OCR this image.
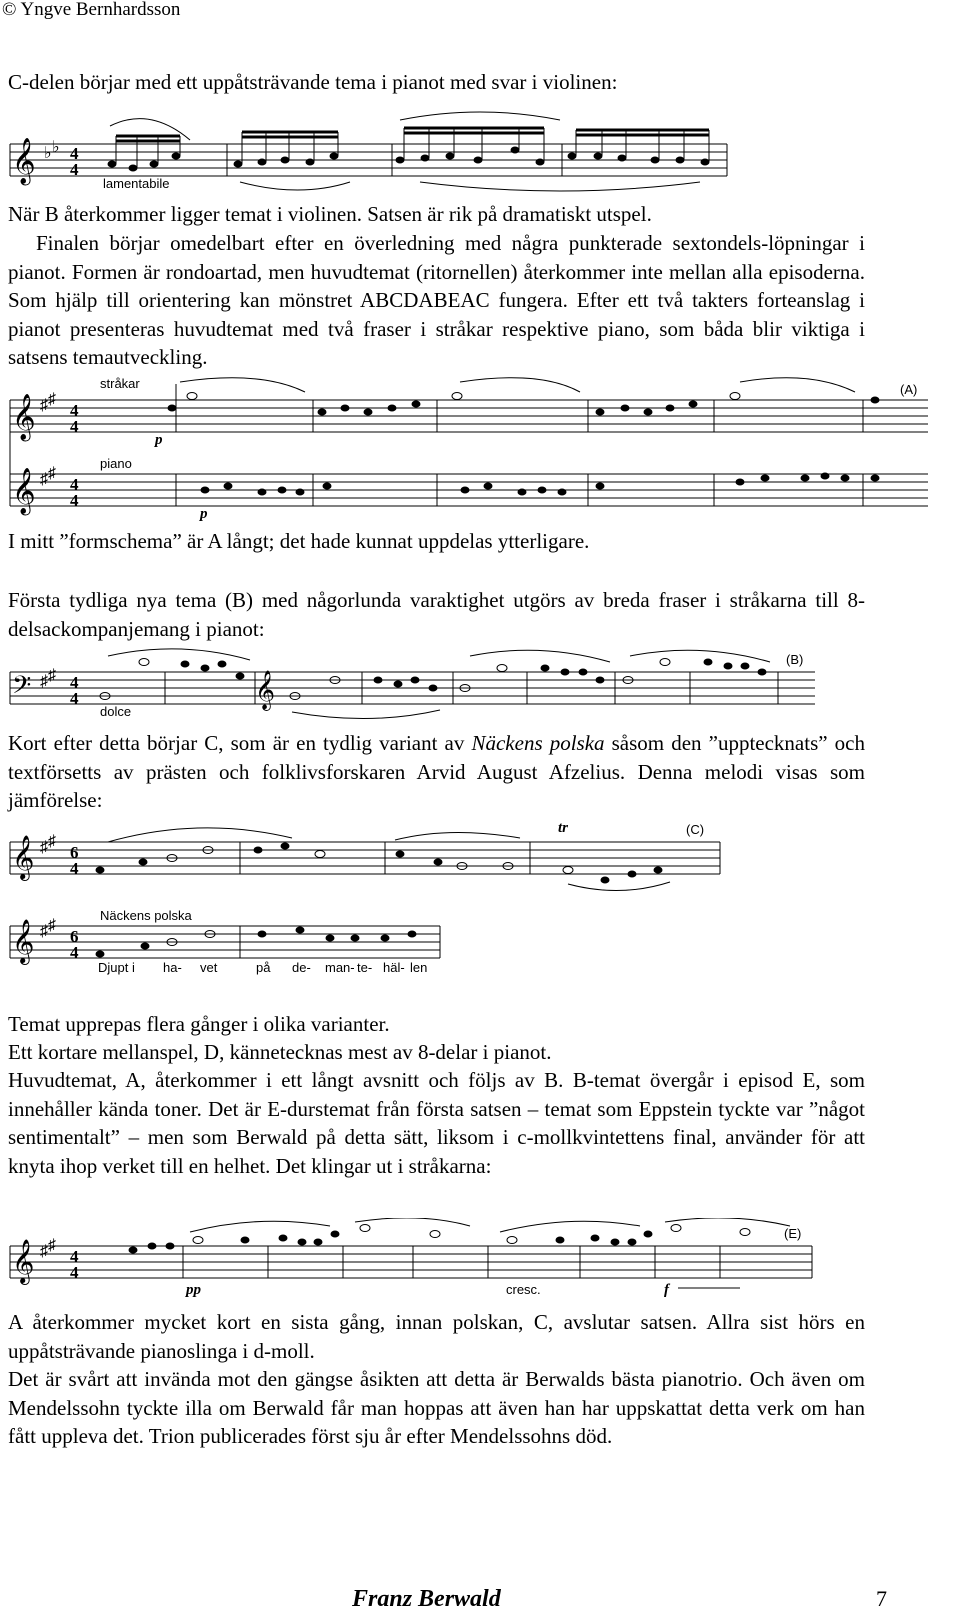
© Yngve Bernhardsson

C-delen börjar med ett uppåtsträvande tema i pianot med svar i violinen:

𝄞 ♭ ♭ 4
4
lamentabile

När B återkommer ligger temat i violinen. Satsen är rik på dramatiskt utspel.

Finalen börjar omedelbart efter en överledning med några punkterade sextondels-löpningar i pianot. Formen är rondoartad, men huvudtemat (ritornellen) återkommer inte mellan alla episoderna. Som hjälp till orientering kan mönstret ABCDABEAC fungera. Efter ett två takters forteanslag i pianot presenteras huvudtemat med två fraser i stråkar respektive piano, som båda blir viktiga i satsens temautveckling.

𝄞
𝄞
♯ ♯
♯ ♯
4
4
4
4
stråkar
piano
p
p
(A)

I mitt ”formschema” är A långt; det hade kunnat uppdelas ytterligare.

Första tydliga nya tema (B) med någorlunda varaktighet utgörs av breda fraser i stråkarna till 8-delsackompanjemang i pianot:

𝄢 ♯ ♯ 4
4	𝄞
dolce
(B)

Kort efter detta börjar C, som är en tydlig variant av Näckens polska såsom den ”upptecknats” och textförsetts av prästen och folklivsforskaren Arvid August Afzelius. Denna melodi visas som jämförelse:

𝄞 ♯ ♯
6
4
tr	(C)
𝄞 ♯ ♯
6
4
Näckens polska
Djupt i ha- vet	på de- man- te- häl- len

Temat upprepas flera gånger i olika varianter.

Ett kortare mellanspel, D, kännetecknas mest av 8-delar i pianot.

Huvudtemat, A, återkommer i ett långt avsnitt och följs av B. B-temat övergår i episod E, som innehåller kända toner. Det är E-durstemat från första satsen – temat som Eppstein tyckte var ”något sentimentalt” – men som Berwald på detta sätt, liksom i c-mollkvintettens final, använder för att knyta ihop verket till en helhet. Det klingar ut i stråkarna:

𝄞 ♯ ♯
4
4
pp	cresc.	f
(E)

A återkommer mycket kort en sista gång, innan polskan, C, avslutar satsen. Allra sist hörs en uppåtsträvande pianoslinga i d-moll.

Det är svårt att invända mot den gängse åsikten att detta är Berwalds bästa pianotrio. Och även om Mendelssohn tyckte illa om Berwald får man hoppas att även han har uppskattat detta verk om han fått uppleva det. Trion publicerades först sju år efter Mendelssohns död.

Franz Berwald	7
